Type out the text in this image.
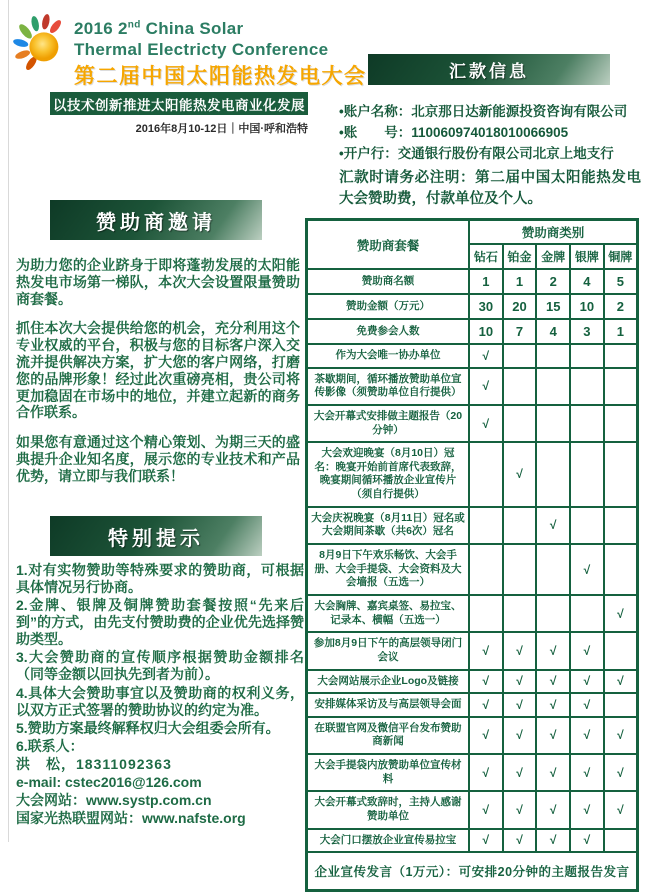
2016 2nd China Solar
Thermal Electricty Conference
第二届中国太阳能热发电大会
以技术创新推进太阳能热发电商业化发展
2016年8月10-12日｜中国·呼和浩特
汇款信息
•账户名称：北京那日达新能源投资咨询有限公司
•账　　号：110060974018010066905
•开户行：交通银行股份有限公司北京上地支行
汇款时请务必注明：第二届中国太阳能热发电大会赞助费，付款单位及个人。
赞助商邀请

为助力您的企业跻身于即将蓬勃发展的太阳能热发电市场第一梯队，本次大会设置限量赞助商套餐。

抓住本次大会提供给您的机会，充分利用这个专业权威的平台，积极与您的目标客户深入交流并提供解决方案，扩大您的客户网络，打磨您的品牌形象！经过此次重磅亮相，贵公司将更加稳固在市场中的地位，并建立起新的商务合作联系。

如果您有意通过这个精心策划、为期三天的盛典提升企业知名度，展示您的专业技术和产品优势，请立即与我们联系！

特别提示
1.对有实物赞助等特殊要求的赞助商，可根据具体情况另行协商。
2.金牌、银牌及铜牌赞助套餐按照“先来后到”的方式，由先支付赞助费的企业优先选择赞助类型。
3.大会赞助商的宣传顺序根据赞助金额排名（同等金额以回执先到者为前）。
4.具体大会赞助事宜以及赞助商的权利义务，以双方正式签署的赞助协议的约定为准。
5.赞助方案最终解释权归大会组委会所有。
6.联系人：
洪　松，18311092363
e-mail: cstec2016@126.com
大会网站：www.systp.com.cn
国家光热联盟网站：www.nafste.org
赞助商套餐	赞助商类别				
	钻石	铂金	金牌	银牌	铜牌
赞助商名额	1	1	2	4	5
赞助金额（万元）	30	20	15	10	2
免费参会人数	10	7	4	3	1
作为大会唯一协办单位	√				
茶歇期间，循环播放赞助单位宣传影像（须赞助单位自行提供）	√				
大会开幕式安排做主题报告（20分钟）	√				
大会欢迎晚宴（8月10日）冠名：晚宴开始前首席代表致辞，晚宴期间循环播放企业宣传片（须自行提供）		√			
大会庆祝晚宴（8月11日）冠名或大会期间茶歇（共6次）冠名			√		
8月9日下午欢乐畅饮、大会手册、大会手提袋、大会资料及大会墙报（五选一）				√	
大会胸牌、嘉宾桌签、易拉宝、记录本、横幅（五选一）					√
参加8月9日下午的高层领导闭门会议	√	√	√	√	
大会网站展示企业Logo及链接	√	√	√	√	√
安排媒体采访及与高层领导会面	√	√	√	√	
在联盟官网及微信平台发布赞助商新闻	√	√	√	√	√
大会手提袋内放赞助单位宣传材料	√	√	√	√	√
大会开幕式致辞时，主持人感谢赞助单位	√	√	√	√	√
大会门口摆放企业宣传易拉宝	√	√	√	√	
企业宣传发言（1万元）：可安排20分钟的主题报告发言					
